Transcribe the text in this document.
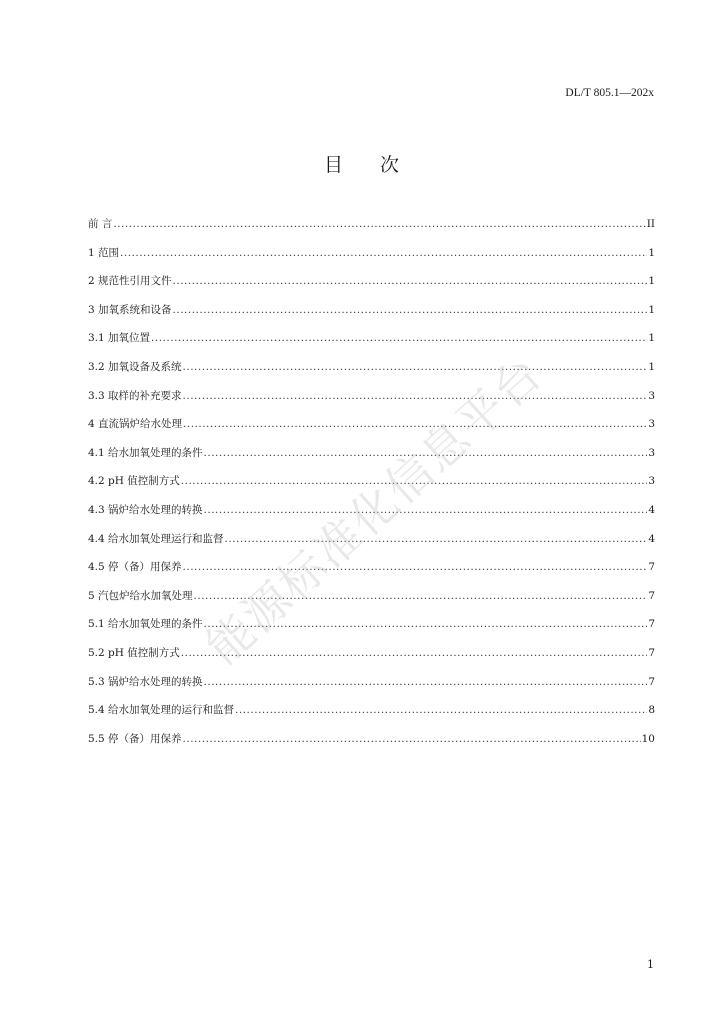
DL/T 805.1—202x
目 次
前 言 .....	II
1 范围 .....	1
2 规范性引用文件 .....	1
3 加氧系统和设备 .....	1
3.1 加氧位置 .....	1
3.2 加氧设备及系统 .....	1
3.3 取样的补充要求 .....	3
4 直流锅炉给水处理 .....	3
4.1 给水加氧处理的条件 .....	3
4.2 pH 值控制方式 .....	3
4.3 锅炉给水处理的转换 .....	4
4.4 给水加氧处理运行和监督 .....	4
4.5 停（备）用保养 .....	7
5 汽包炉给水加氧处理 .....	7
5.1 给水加氧处理的条件 .....	7
5.2 pH 值控制方式 .....	7
5.3 锅炉给水处理的转换 .....	7
5.4 给水加氧处理的运行和监督 .....	8
5.5 停（备）用保养 .....	10
能源标准化信息平台
1
